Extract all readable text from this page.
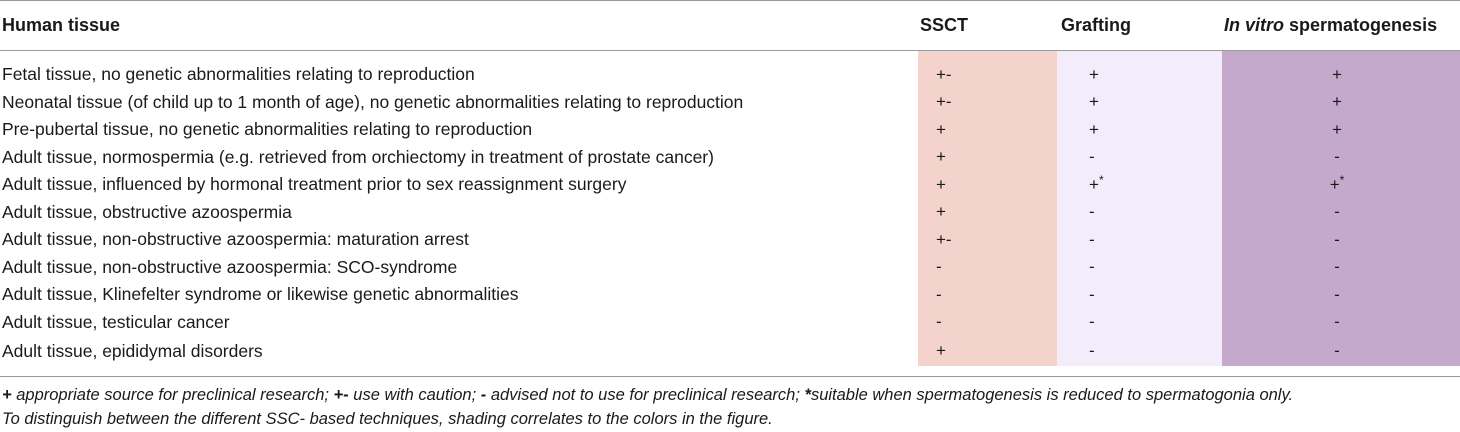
Human tissue	SSCT	Grafting	In vitro spermatogenesis
Fetal tissue, no genetic abnormalities relating to reproduction	+-	+	+
Neonatal tissue (of child up to 1 month of age), no genetic abnormalities relating to reproduction	+-	+	+
Pre-pubertal tissue, no genetic abnormalities relating to reproduction	+	+	+
Adult tissue, normospermia (e.g. retrieved from orchiectomy in treatment of prostate cancer)	+	-	-
Adult tissue, influenced by hormonal treatment prior to sex reassignment surgery	+	+*	+*
Adult tissue, obstructive azoospermia	+	-	-
Adult tissue, non-obstructive azoospermia: maturation arrest	+-	-	-
Adult tissue, non-obstructive azoospermia: SCO-syndrome	-	-	-
Adult tissue, Klinefelter syndrome or likewise genetic abnormalities	-	-	-
Adult tissue, testicular cancer	-	-	-
Adult tissue, epididymal disorders	+	-	-
+ appropriate source for preclinical research; +- use with caution; - advised not to use for preclinical research; *suitable when spermatogenesis is reduced to spermatogonia only.
To distinguish between the different SSC- based techniques, shading correlates to the colors in the figure.
